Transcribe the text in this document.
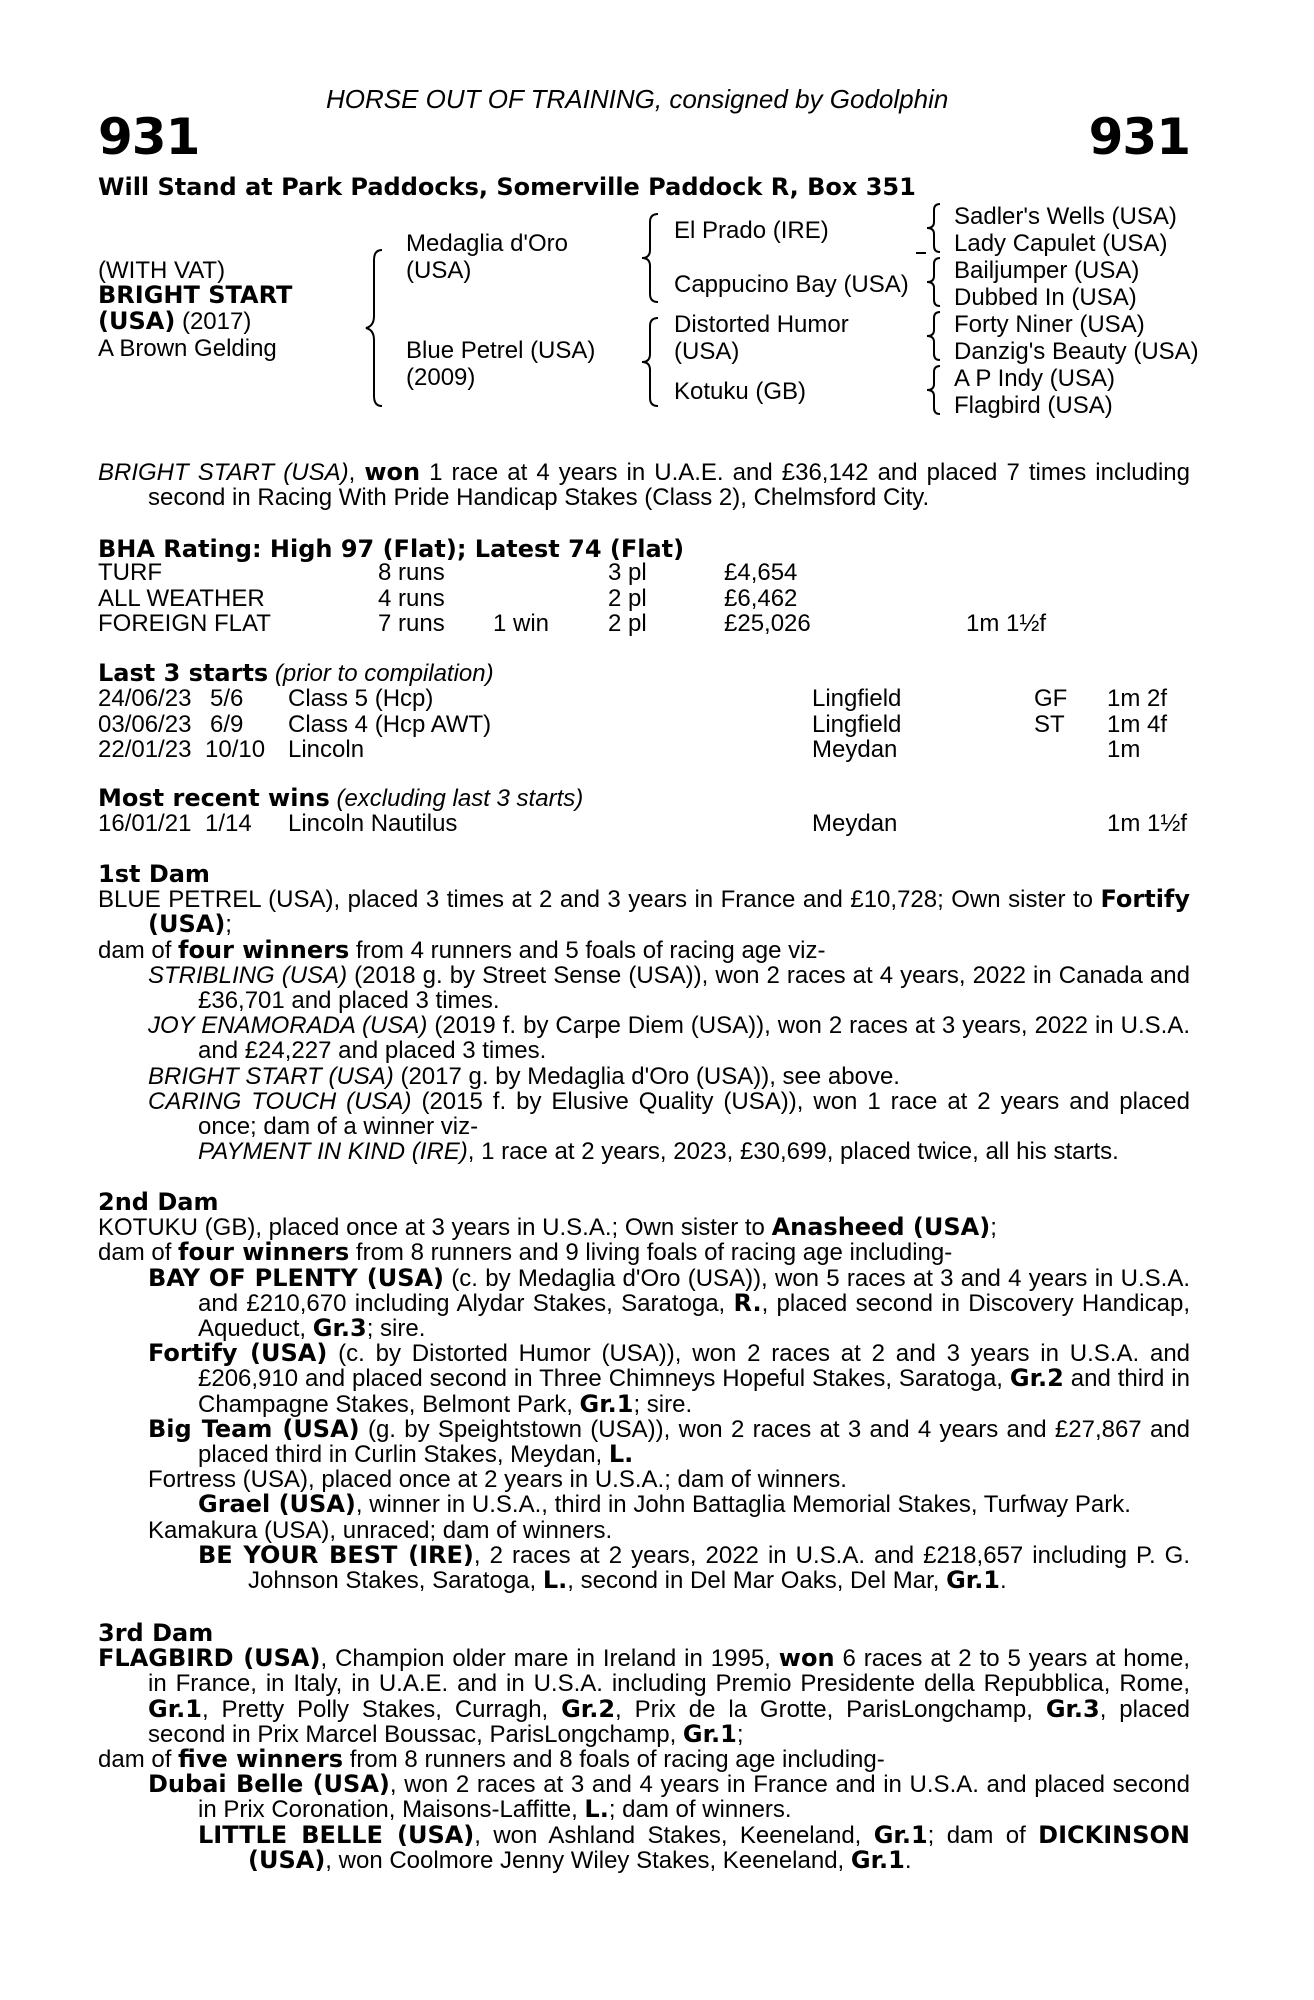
HORSE OUT OF TRAINING, consigned by Godolphin
931	931
Will Stand at Park Paddocks, Somerville Paddock R, Box 351
(WITH VAT)
BRIGHT START
(USA) (2017)
A Brown Gelding
Medaglia d'Oro
(USA)
Blue Petrel (USA)
(2009)
El Prado (IRE)
Cappucino Bay (USA)
Distorted Humor
(USA)
Kotuku (GB)
Sadler's Wells (USA)
Lady Capulet (USA)
Bailjumper (USA)
Dubbed In (USA)
Forty Niner (USA)
Danzig's Beauty (USA)
A P Indy (USA)
Flagbird (USA)

BRIGHT START (USA), won 1 race at 4 years in U.A.E. and £36,142 and placed 7 times including second in Racing With Pride Handicap Stakes (Class 2), Chelmsford City.

BHA Rating: High 97 (Flat); Latest 74 (Flat)
Last 3 starts (prior to compilation)
Most recent wins (excluding last 3 starts)

1st Dam

BLUE PETREL (USA), placed 3 times at 2 and 3 years in France and £10,728; Own sister to Fortify (USA);

dam of four winners from 4 runners and 5 foals of racing age viz-

STRIBLING (USA) (2018 g. by Street Sense (USA)), won 2 races at 4 years, 2022 in Canada and £36,701 and placed 3 times.

JOY ENAMORADA (USA) (2019 f. by Carpe Diem (USA)), won 2 races at 3 years, 2022 in U.S.A. and £24,227 and placed 3 times.

BRIGHT START (USA) (2017 g. by Medaglia d'Oro (USA)), see above.

CARING TOUCH (USA) (2015 f. by Elusive Quality (USA)), won 1 race at 2 years and placed once; dam of a winner viz-

PAYMENT IN KIND (IRE), 1 race at 2 years, 2023, £30,699, placed twice, all his starts.

2nd Dam

KOTUKU (GB), placed once at 3 years in U.S.A.; Own sister to Anasheed (USA);

dam of four winners from 8 runners and 9 living foals of racing age including-

BAY OF PLENTY (USA) (c. by Medaglia d'Oro (USA)), won 5 races at 3 and 4 years in U.S.A. and £210,670 including Alydar Stakes, Saratoga, R., placed second in Discovery Handicap, Aqueduct, Gr.3; sire.

Fortify (USA) (c. by Distorted Humor (USA)), won 2 races at 2 and 3 years in U.S.A. and £206,910 and placed second in Three Chimneys Hopeful Stakes, Saratoga, Gr.2 and third in Champagne Stakes, Belmont Park, Gr.1; sire.

Big Team (USA) (g. by Speightstown (USA)), won 2 races at 3 and 4 years and £27,867 and placed third in Curlin Stakes, Meydan, L.

Fortress (USA), placed once at 2 years in U.S.A.; dam of winners.

Grael (USA), winner in U.S.A., third in John Battaglia Memorial Stakes, Turfway Park.

Kamakura (USA), unraced; dam of winners.

BE YOUR BEST (IRE), 2 races at 2 years, 2022 in U.S.A. and £218,657 including P. G. Johnson Stakes, Saratoga, L., second in Del Mar Oaks, Del Mar, Gr.1.

3rd Dam

FLAGBIRD (USA), Champion older mare in Ireland in 1995, won 6 races at 2 to 5 years at home, in France, in Italy, in U.A.E. and in U.S.A. including Premio Presidente della Repubblica, Rome, Gr.1, Pretty Polly Stakes, Curragh, Gr.2, Prix de la Grotte, ParisLongchamp, Gr.3, placed second in Prix Marcel Boussac, ParisLongchamp, Gr.1;

dam of five winners from 8 runners and 8 foals of racing age including-

Dubai Belle (USA), won 2 races at 3 and 4 years in France and in U.S.A. and placed second in Prix Coronation, Maisons-Laffitte, L.; dam of winners.

LITTLE BELLE (USA), won Ashland Stakes, Keeneland, Gr.1; dam of DICKINSON (USA), won Coolmore Jenny Wiley Stakes, Keeneland, Gr.1.

TURF	8 runs	3 pl	£4,654
ALL WEATHER	4 runs	2 pl	£6,462
FOREIGN FLAT	7 runs 1 win 2 pl	£25,026	1m 1½f
24/06/23 5/6 Class 5 (Hcp)	Lingfield	GF 1m 2f
03/06/23 6/9 Class 4 (Hcp AWT)	Lingfield	ST 1m 4f
22/01/23 10/10 Lincoln	Meydan	1m
16/01/21 1/14 Lincoln Nautilus	Meydan	1m 1½f
